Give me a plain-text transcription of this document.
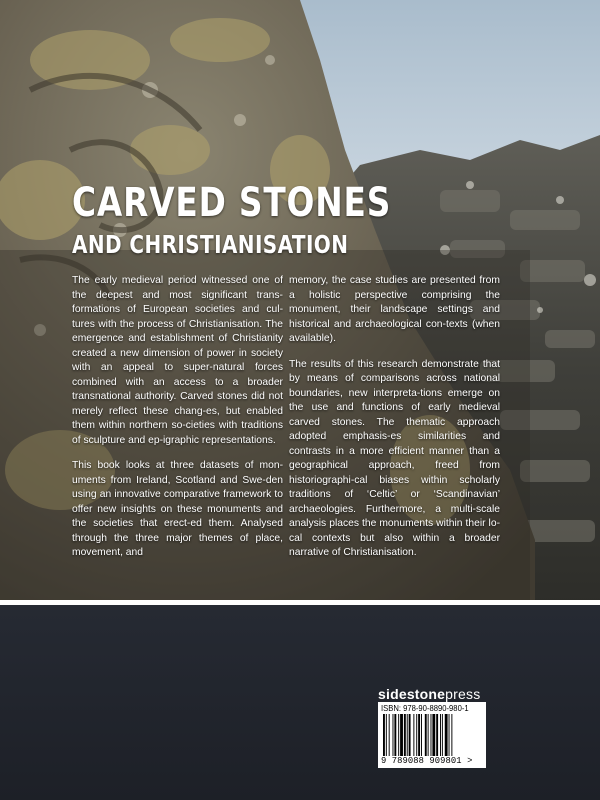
CARVED STONES
AND CHRISTIANISATION

The early medieval period witnessed one of the deepest and most significant trans-formations of European societies and cul-tures with the process of Christianisation. The emergence and establishment of Christianity created a new dimension of power in society with an appeal to super-natural forces combined with an access to a broader transnational authority. Carved stones did not merely reflect these chang-es, but enabled them within northern so-cieties with traditions of sculpture and ep-igraphic representations.

This book looks at three datasets of mon-uments from Ireland, Scotland and Swe-den using an innovative comparative framework to offer new insights on these monuments and the societies that erect-ed them. Analysed through the three major themes of place, movement, and

memory, the case studies are presented from a holistic perspective comprising the monument, their landscape settings and historical and archaeological con-texts (when available).

The results of this research demonstrate that by means of comparisons across national boundaries, new interpreta-tions emerge on the use and functions of early medieval carved stones. The thematic approach adopted emphasis-es similarities and contrasts in a more efficient manner than a geographical approach, freed from historiographi-cal biases within scholarly traditions of ‘Celtic’ or ‘Scandinavian’ archaeologies. Furthermore, a multi-scale analysis places the monuments within their lo-cal contexts but also within a broader narrative of Christianisation.

sidestonepress
ISBN: 978-90-8890-980-1
9 789088 909801 >
